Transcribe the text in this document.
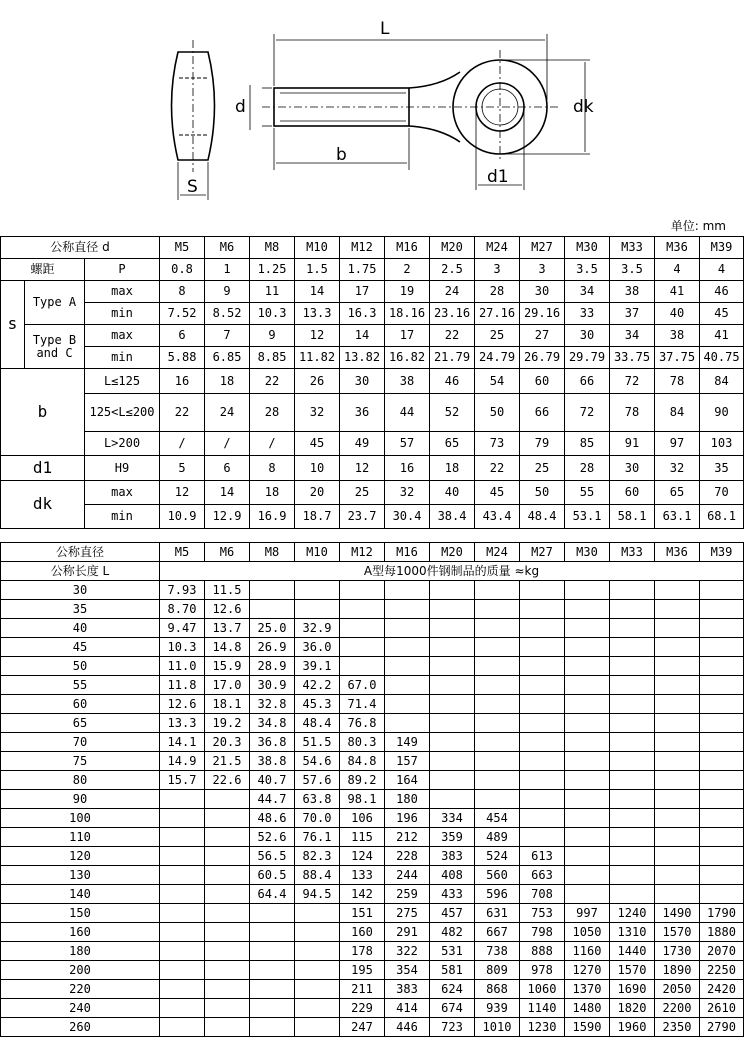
L
d
b
dk
d1
S
单位: mm
公称直径 d			M5	M6	M8	M10	M12	M16	M20	M24	M27	M30	M33	M36	M39
螺距		P	0.8	1	1.25	1.5	1.75	2	2.5	3	3	3.5	3.5	4	4
s	Type A	max	8	9	11	14	17	19	24	28	30	34	38	41	46
		min	7.52	8.52	10.3	13.3	16.3	18.16	23.16	27.16	29.16	33	37	40	45
	Type B and C	max	6	7	9	12	14	17	22	25	27	30	34	38	41
		min	5.88	6.85	8.85	11.82	13.82	16.82	21.79	24.79	26.79	29.79	33.75	37.75	40.75
b		L≤125	16	18	22	26	30	38	46	54	60	66	72	78	84
		125<L≤200	22	24	28	32	36	44	52	50	66	72	78	84	90
		L>200	/	/	/	45	49	57	65	73	79	85	91	97	103
d1		H9	5	6	8	10	12	16	18	22	25	28	30	32	35
dk		max	12	14	18	20	25	32	40	45	50	55	60	65	70
		min	10.9	12.9	16.9	18.7	23.7	30.4	38.4	43.4	48.4	53.1	58.1	63.1	68.1
公称直径	M5	M6	M8	M10	M12	M16	M20	M24	M27	M30	M33	M36	M39
公称长度 L	A型每1000件钢制品的质量 ≈kg												
30	7.93	11.5											
35	8.70	12.6											
40	9.47	13.7	25.0	32.9									
45	10.3	14.8	26.9	36.0									
50	11.0	15.9	28.9	39.1									
55	11.8	17.0	30.9	42.2	67.0								
60	12.6	18.1	32.8	45.3	71.4								
65	13.3	19.2	34.8	48.4	76.8								
70	14.1	20.3	36.8	51.5	80.3	149							
75	14.9	21.5	38.8	54.6	84.8	157							
80	15.7	22.6	40.7	57.6	89.2	164							
90			44.7	63.8	98.1	180							
100			48.6	70.0	106	196	334	454					
110			52.6	76.1	115	212	359	489					
120			56.5	82.3	124	228	383	524	613				
130			60.5	88.4	133	244	408	560	663				
140			64.4	94.5	142	259	433	596	708				
150					151	275	457	631	753	997	1240	1490	1790
160					160	291	482	667	798	1050	1310	1570	1880
180					178	322	531	738	888	1160	1440	1730	2070
200					195	354	581	809	978	1270	1570	1890	2250
220					211	383	624	868	1060	1370	1690	2050	2420
240					229	414	674	939	1140	1480	1820	2200	2610
260					247	446	723	1010	1230	1590	1960	2350	2790
